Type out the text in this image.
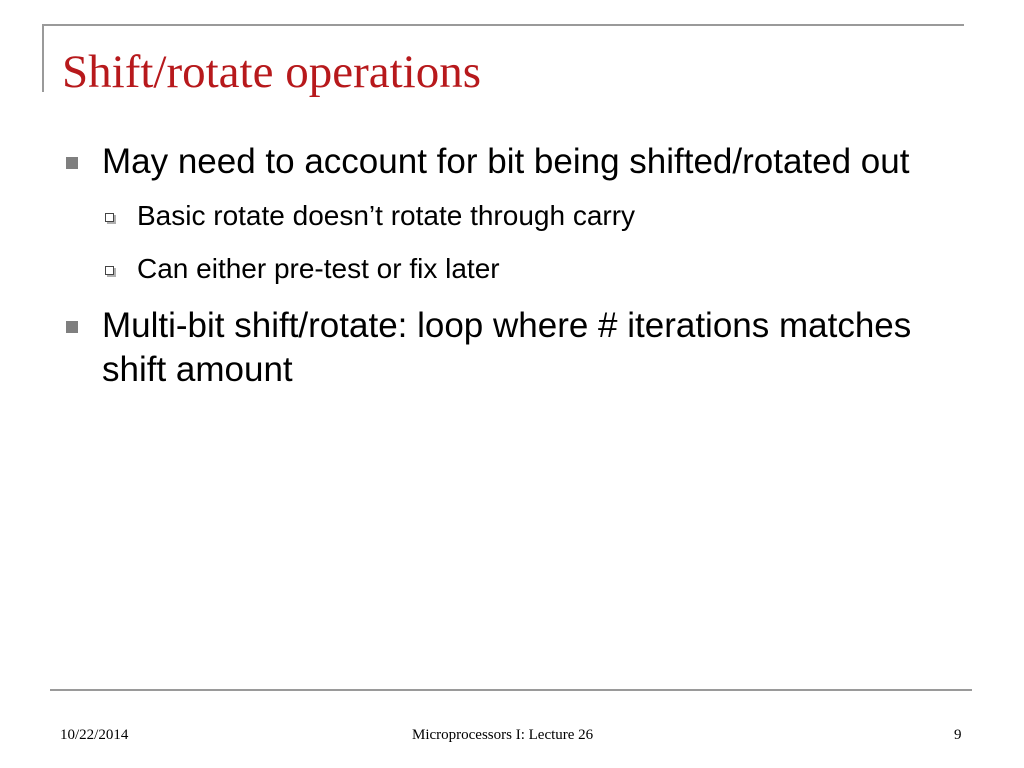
Shift/rotate operations
May need to account for bit being shifted/rotated out
Basic rotate doesn’t rotate through carry
Can either pre-test or fix later
Multi-bit shift/rotate: loop where # iterations matches shift amount
10/22/2014	Microprocessors I: Lecture 26	9
